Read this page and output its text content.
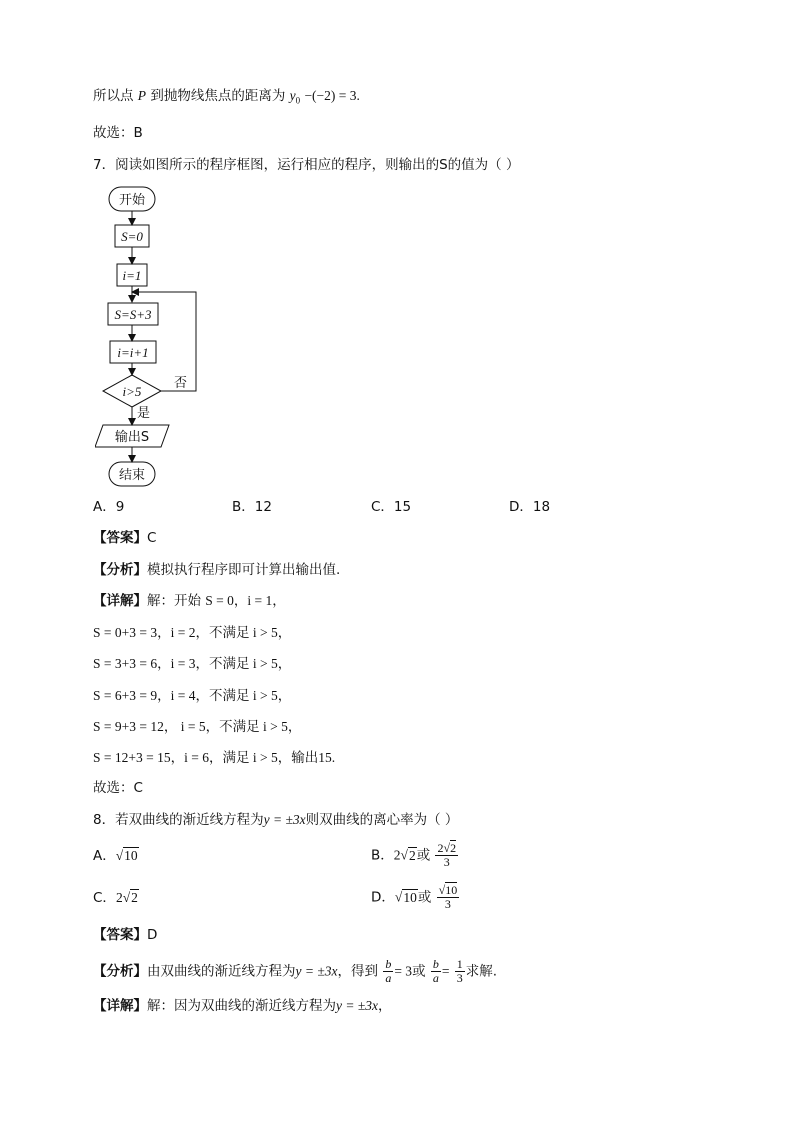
所以点 P 到抛物线焦点的距离为 $y_0 -(-2) = 3$.
故选：B
7．阅读如图所示的程序框图，运行相应的程序，则输出的S的值为（ ）
开始
S=0
i=1
S=S+3
i=i+1
i>5
否
是
输出S
结束
A．9	B．12	C．15	D．18
【答案】C
【分析】模拟执行程序即可计算出输出值.
【详解】解：开始 S = 0，i = 1，
S = 0+3 = 3，i = 2，不满足 i > 5，
S = 3+3 = 6，i = 3，不满足 i > 5，
S = 6+3 = 9，i = 4，不满足 i > 5，
S = 9+3 = 12， i = 5，不满足 i > 5，
S = 12+3 = 15，i = 6，满足 i > 5，输出15.
故选：C
8．若双曲线的渐近线方程为y = ±3x则双曲线的离心率为（ ）
A．√10	B．2√2或 $\frac{2√2}{3}$
C．2√2	D．√10或 $\frac{√10}{3}$
【答案】D
【分析】由双曲线的渐近线方程为y = ±3x，得到 $\frac{b}{a} = 3$或 $\frac{b}{a} = \frac{1}{3}$ 求解.
【详解】解：因为双曲线的渐近线方程为y = ±3x，
